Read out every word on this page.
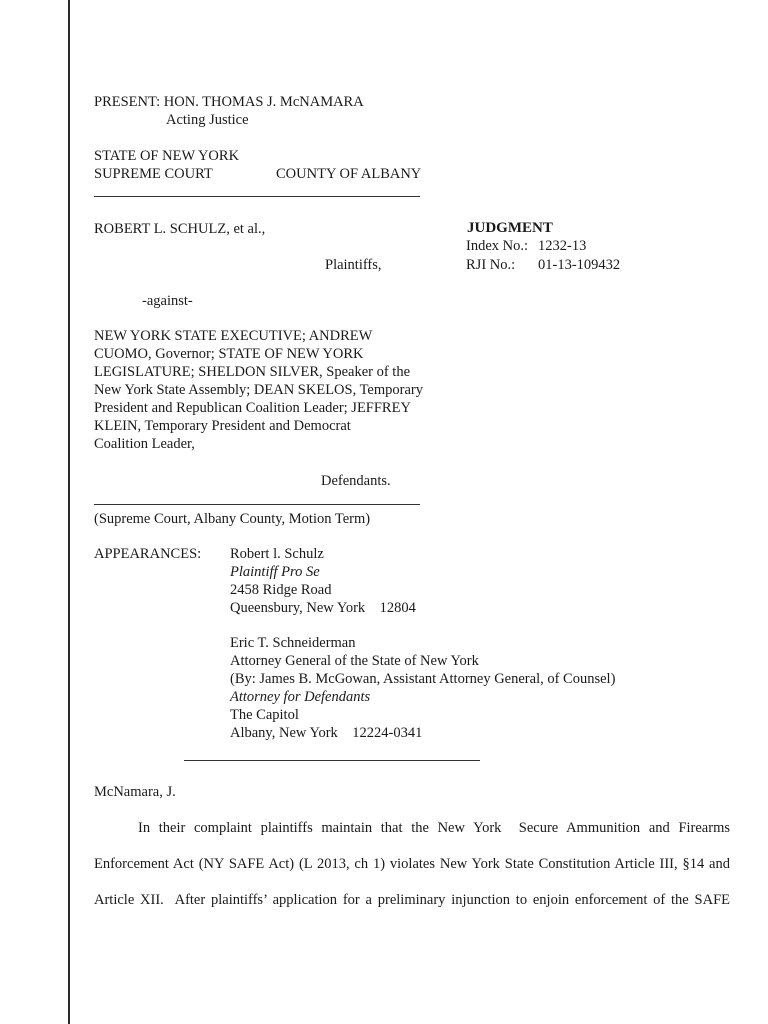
PRESENT: HON. THOMAS J. McNAMARA
Acting Justice
STATE OF NEW YORK
SUPREME COURT	COUNTY OF ALBANY
ROBERT L. SCHULZ, et al.,
Plaintiffs,
JUDGMENT
Index No.: 1232-13
RJI No.: 01-13-109432
-against-
NEW YORK STATE EXECUTIVE; ANDREW
CUOMO, Governor; STATE OF NEW YORK
LEGISLATURE; SHELDON SILVER, Speaker of the
New York State Assembly; DEAN SKELOS, Temporary
President and Republican Coalition Leader; JEFFREY
KLEIN, Temporary President and Democrat
Coalition Leader,
Defendants.
(Supreme Court, Albany County, Motion Term)
APPEARANCES: Robert l. Schulz
Plaintiff Pro Se
2458 Ridge Road
Queensbury, New York    12804
Eric T. Schneiderman
Attorney General of the State of New York
(By: James B. McGowan, Assistant Attorney General, of Counsel)
Attorney for Defendants
The Capitol
Albany, New York    12224-0341
McNamara, J.
In their complaint plaintiffs maintain that the New York  Secure Ammunition and Firearms
Enforcement Act (NY SAFE Act) (L 2013, ch 1) violates New York State Constitution Article III, §14 and
Article XII.  After plaintiffs’ application for a preliminary injunction to enjoin enforcement of the SAFE
